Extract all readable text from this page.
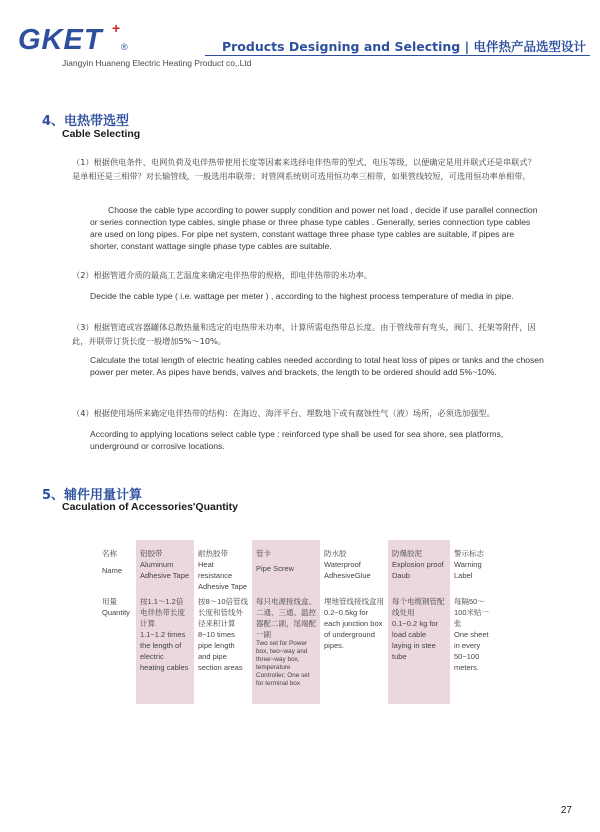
GKET +
®
Jiangyin Huaneng Electric Heating Product co,.Ltd
Products Designing and Selecting | 电伴热产品选型设计
4、电热带选型
Cable Selecting
（1）根据供电条件、电网负荷及电伴热带使用长度等因素来选择电伴热带的型式、电压等级，以便确定是用并联式还是串联式？是单相还是三相带？对长输管线，一般选用串联带；对管网系统则可选用恒功率三相带，如果管线较短，可选用恒功率单相带。
Choose the cable type according to power supply condition and power net load , decide if use parallel connection or series connection type cables, single phase or three phase type cables . Generally, series connection type cables are used on long pipes. For pipe net system, constant wattage three phase type cables are suitable, if pipes are shorter, constant wattage single phase type cables are suitable.
（2）根据管道介质的最高工艺温度来确定电伴热带的规格，即电伴热带的米功率。
Decide the cable type ( i.e. wattage per meter ) , according to the highest process temperature of media in pipe.
（3）根据管道或容器罐体总散热量和选定的电热带米功率，计算所需电热带总长度。由于管线带有弯头，阀门、托架等附件，因此，并联带订货长度一般增加5%～10%。
Calculate the total length of electric heating cables needed according to total heat loss of pipes or tanks and the chosen power per meter. As pipes have bends, valves and brackets, the length to be ordered should add 5%~10%.
（4）根据使用场所来确定电伴热带的结构：在海边、海洋平台、埋数地下或有腐蚀性气（液）场所，必须选加强型。
According to applying locations select cable type : reinforced type shall be used for sea shore, sea platforms, underground or corrosive locations.
5、辅件用量计算
Caculation of Accessories'Quantity
名称
Name
用量
Quantity
铝胶带
Aluminum Adhesive Tape
按1.1～1.2倍电伴热带长度计算
1.1~1.2 times the length of electric heating cables
耐热胶带
Heat resistance Adhesive Tape
按8～10倍管线长度和管线外径来积计算
8~10 times pipe length and pipe section areas
管卡
Pipe Screw
每只电源接线盒、二通、三通、温控器配二副，尾端配一副
Two set for Power box, two~way and three~way box, temperature Controller; One set for terminal box
防水胶
Waterproof AdhesiveGlue
埋地管线接线盒用
0.2~0.5kg for each junction box of underground pipes.
防爆胶泥
Explosion proof Daub
每个电缆钢管配线处用
0.1~0.2 kg for load cable laying in stee tube
警示标志
Warning Label
每隔50～100米贴一张
One sheet in every 50~100 meters.
27
